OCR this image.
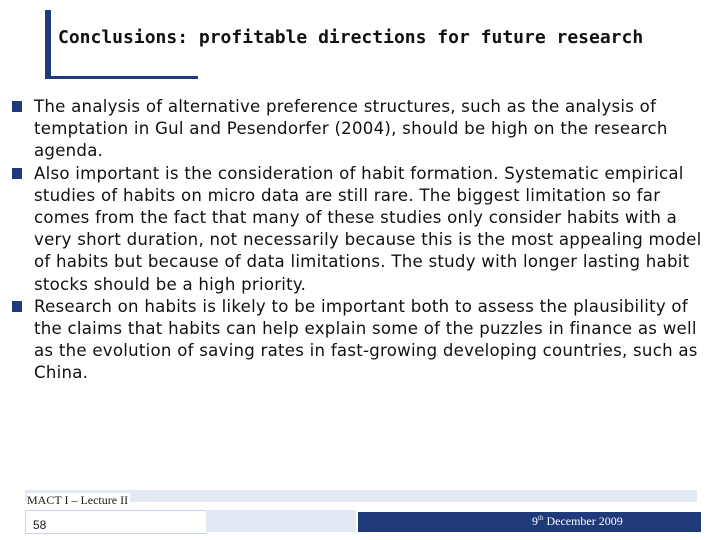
Conclusions: profitable directions for future research
The analysis of alternative preference structures, such as the analysis of temptation in Gul and Pesendorfer (2004), should be high on the research agenda.
Also important is the consideration of habit formation. Systematic empirical studies of habits on micro data are still rare. The biggest limitation so far comes from the fact that many of these studies only consider habits with a very short duration, not necessarily because this is the most appealing model of habits but because of data limitations. The study with longer lasting habit stocks should be a high priority.
Research on habits is likely to be important both to assess the plausibility of the claims that habits can help explain some of the puzzles in finance as well as the evolution of saving rates in fast-growing developing countries, such as China.

MACT I – Lecture II

58	9th December 2009
